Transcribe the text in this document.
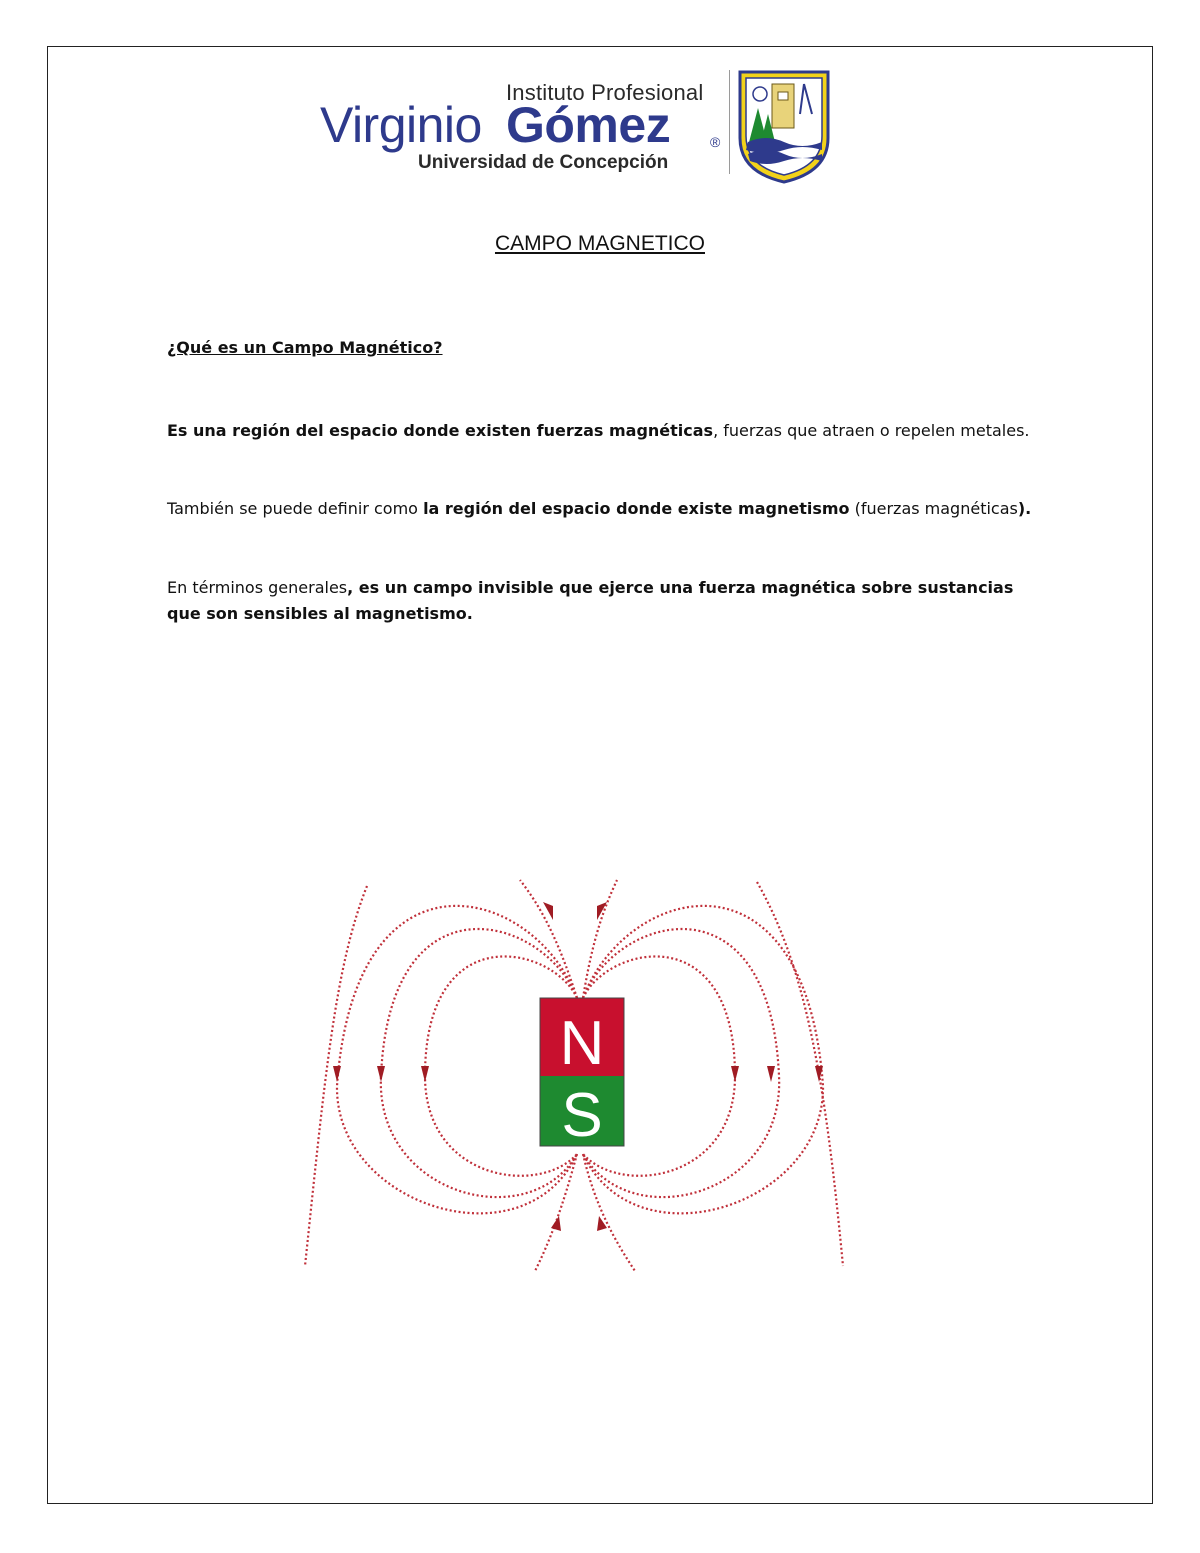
Instituto Profesional
Virginio Gómez	®
Universidad de Concepción
CAMPO MAGNETICO
¿Qué es un Campo Magnético?
Es una región del espacio donde existen fuerzas magnéticas, fuerzas que atraen o repelen metales.
También se puede definir como la región del espacio donde existe magnetismo (fuerzas magnéticas).
En términos generales, es un campo invisible que ejerce una fuerza magnética sobre sustancias que son sensibles al magnetismo.
N
S
